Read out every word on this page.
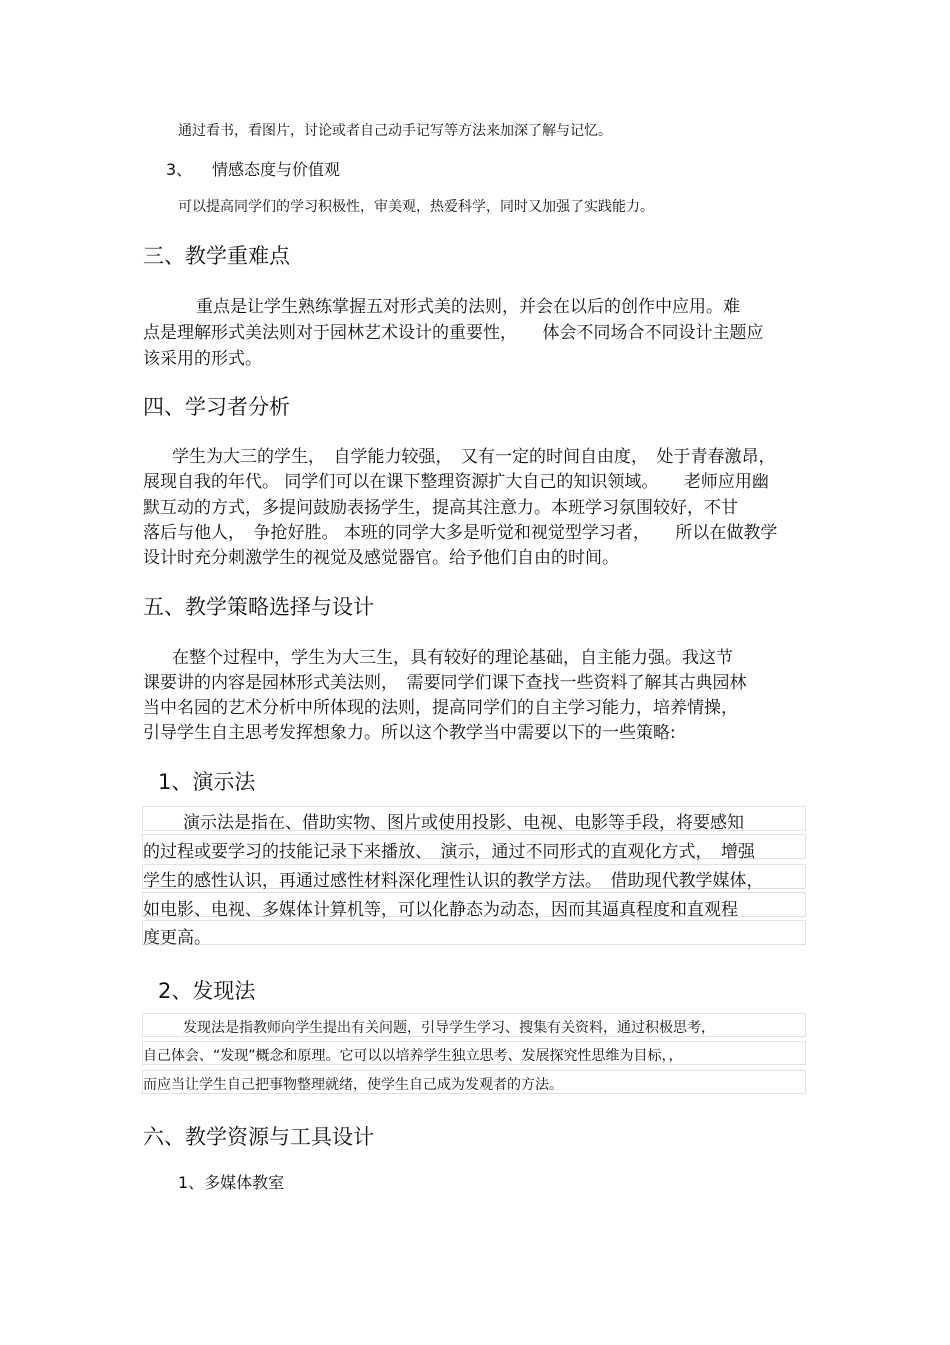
通过看书，看图片，讨论或者自己动手记写等方法来加深了解与记忆。
3、 情感态度与价值观
可以提高同学们的学习积极性，审美观，热爱科学，同时又加强了实践能力。
三、教学重难点
重点是让学生熟练掌握五对形式美的法则，并会在以后的创作中应用。难
点是理解形式美法则对于园林艺术设计的重要性，　　体会不同场合不同设计主题应
该采用的形式。
四、学习者分析
学生为大三的学生，　自学能力较强，　又有一定的时间自由度，　处于青春激昂，
展现自我的年代。 同学们可以在课下整理资源扩大自己的知识领域。　　老师应用幽
默互动的方式，多提问鼓励表扬学生，提高其注意力。本班学习氛围较好，不甘
落后与他人，　争抢好胜。 本班的同学大多是听觉和视觉型学习者，　　所以在做教学
设计时充分刺激学生的视觉及感觉器官。给予他们自由的时间。
五、教学策略选择与设计
在整个过程中，学生为大三生，具有较好的理论基础，自主能力强。我这节
课要讲的内容是园林形式美法则，　需要同学们课下查找一些资料了解其古典园林
当中名园的艺术分析中所体现的法则，提高同学们的自主学习能力，培养情操，
引导学生自主思考发挥想象力。所以这个教学当中需要以下的一些策略:
1、演示法
演示法是指在、借助实物、图片或使用投影、电视、电影等手段，将要感知
的过程或要学习的技能记录下来播放、　演示，通过不同形式的直观化方式，　增强
学生的感性认识，再通过感性材料深化理性认识的教学方法。　借助现代教学媒体，
如电影、电视、多媒体计算机等，可以化静态为动态，因而其逼真程度和直观程
度更高。
2、发现法
发现法是指教师向学生提出有关问题，引导学生学习、搜集有关资料，通过积极思考，
自己体会、“发现”概念和原理。它可以以培养学生独立思考、发展探究性思维为目标，，
而应当让学生自己把事物整理就绪，使学生自己成为发观者的方法。
六、教学资源与工具设计
1、多媒体教室
